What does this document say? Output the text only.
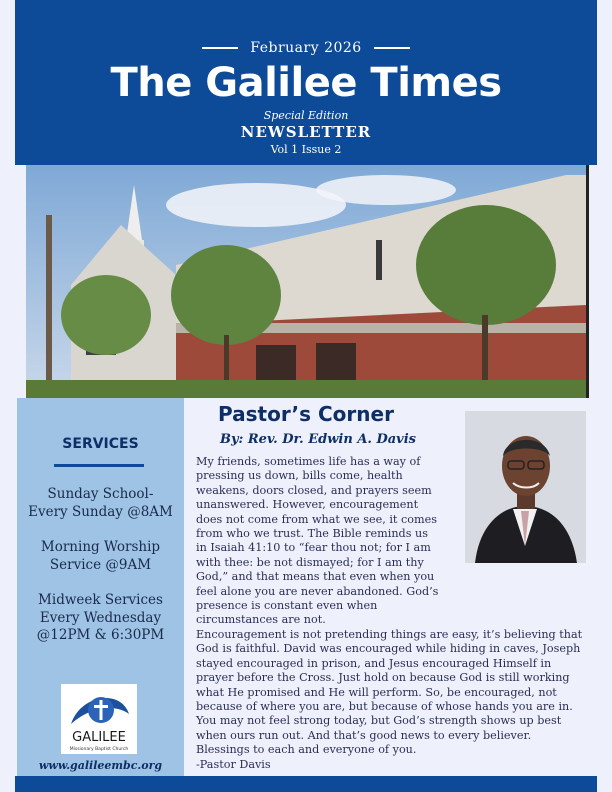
February 2026
The Galilee Times
Special Edition
NEWSLETTER
Vol 1 Issue 2
SERVICES
Sunday School-
Every Sunday @8AM
Morning Worship
Service @9AM
Midweek Services
Every Wednesday
@12PM & 6:30PM
GALILEE
Missionary Baptist Church
www.galileembc.org
Pastor’s Corner
By: Rev. Dr. Edwin A. Davis
My friends, sometimes life has a way of pressing us down, bills come, health weakens, doors closed, and prayers seem unanswered. However, encouragement does not come from what we see, it comes from who we trust. The Bible reminds us in Isaiah 41:10 to “fear thou not; for I am with thee: be not dismayed; for I am thy God,” and that means that even when you feel alone you are never abandoned. God’s presence is constant even when circumstances are not.
Encouragement is not pretending things are easy, it’s believing that God is faithful. David was encouraged while hiding in caves, Joseph stayed encouraged in prison, and Jesus encouraged Himself in prayer before the Cross. Just hold on because God is still working what He promised and He will perform. So, be encouraged, not because of where you are, but because of whose hands you are in. You may not feel strong today, but God’s strength shows up best when ours run out. And that’s good news to every believer. Blessings to each and everyone of you.
-Pastor Davis
